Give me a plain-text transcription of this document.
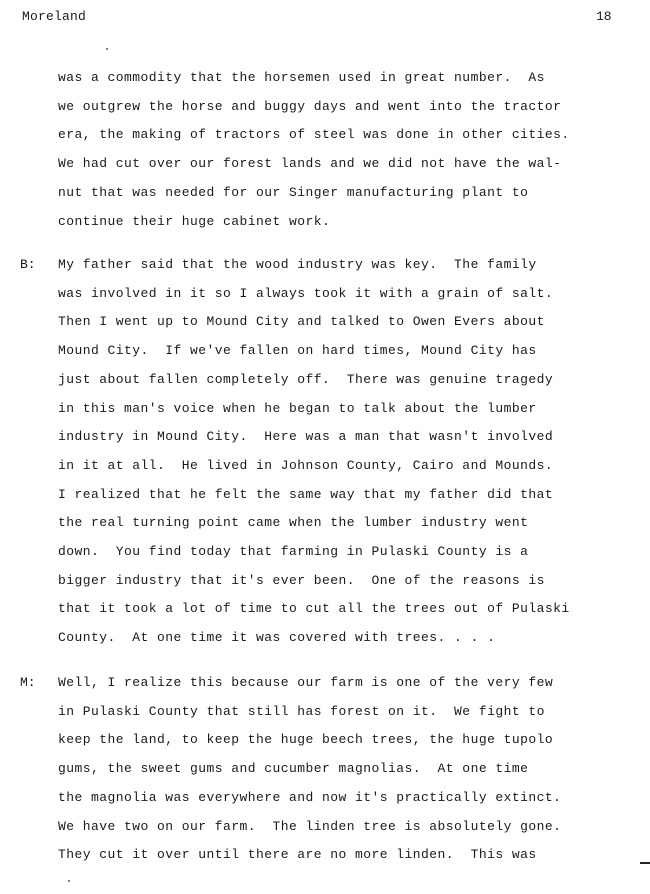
Moreland	18
was a commodity that the horsemen used in great number.  As
we outgrew the horse and buggy days and went into the tractor
era, the making of tractors of steel was done in other cities.
We had cut over our forest lands and we did not have the wal-
nut that was needed for our Singer manufacturing plant to
continue their huge cabinet work.
B: My father said that the wood industry was key.  The family
was involved in it so I always took it with a grain of salt.
Then I went up to Mound City and talked to Owen Evers about
Mound City.  If we've fallen on hard times, Mound City has
just about fallen completely off.  There was genuine tragedy
in this man's voice when he began to talk about the lumber
industry in Mound City.  Here was a man that wasn't involved
in it at all.  He lived in Johnson County, Cairo and Mounds.
I realized that he felt the same way that my father did that
the real turning point came when the lumber industry went
down.  You find today that farming in Pulaski County is a
bigger industry that it's ever been.  One of the reasons is
that it took a lot of time to cut all the trees out of Pulaski
County.  At one time it was covered with trees. . . .
M: Well, I realize this because our farm is one of the very few
in Pulaski County that still has forest on it.  We fight to
keep the land, to keep the huge beech trees, the huge tupolo
gums, the sweet gums and cucumber magnolias.  At one time
the magnolia was everywhere and now it's practically extinct.
We have two on our farm.  The linden tree is absolutely gone.
They cut it over until there are no more linden.  This was
